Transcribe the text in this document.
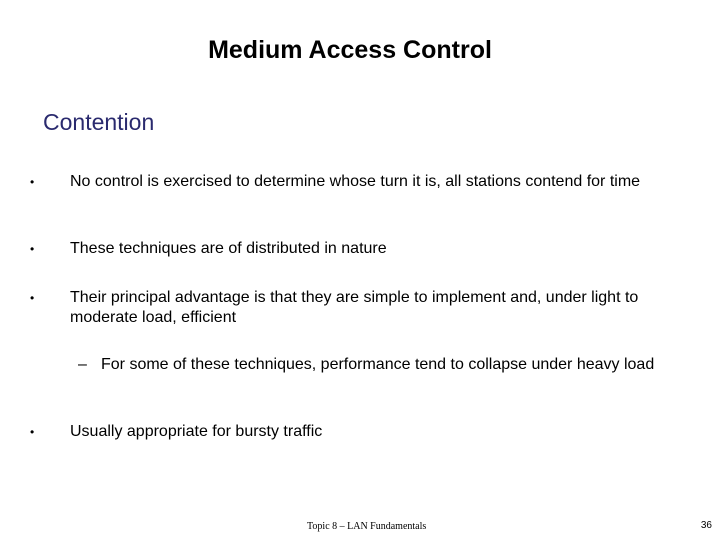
Medium Access Control
Contention
•	No control is exercised to determine whose turn it is, all stations contend for time
•	These techniques are of distributed in nature
•	Their principal advantage is that they are simple to implement and, under light to moderate load, efficient
– For some of these techniques, performance tend to collapse under heavy load
•	Usually appropriate for bursty traffic
Topic 8 – LAN Fundamentals	36
